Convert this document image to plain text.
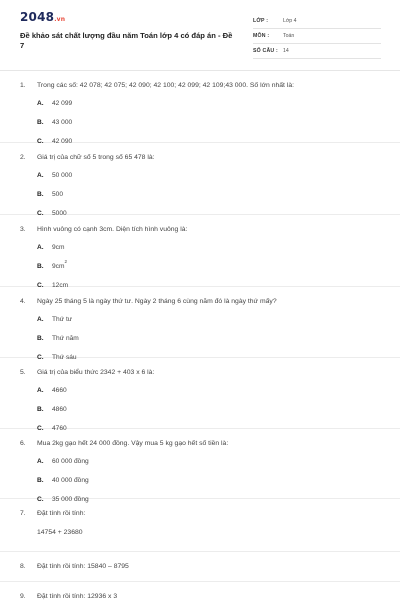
2048.vn
Đề khảo sát chất lượng đầu năm Toán lớp 4 có đáp án - Đề 7
LỚP :	Lớp 4
MÔN :	Toán
SỐ CÂU : 14
1.	Trong các số: 42 078; 42 075; 42 090; 42 100; 42 099; 42 109;43 000. Số lớn nhất là:
A.	42 099
B.	43 000
C.	42 090
2.	Giá trị của chữ số 5 trong số 65 478 là:
A.	50 000
B.	500
C.	5000
3.	Hình vuông có cạnh 3cm. Diện tích hình vuông là:
A.	9cm
B.	9cm
2
C.	12cm
4.	Ngày 25 tháng 5 là ngày thứ tư. Ngày 2 tháng 6 cùng năm đó là ngày thứ mấy?
A.	Thứ tư
B.	Thứ năm
C.	Thứ sáu
5.	Giá trị của biểu thức 2342 + 403 x 6 là:
A.	4660
B.	4860
C.	4760
6.	Mua 2kg gạo hết 24 000 đồng. Vậy mua 5 kg gạo hết số tiền là:
A.	60 000 đồng
B.	40 000 đồng
C.	35 000 đồng
7.	Đặt tính rồi tính:
14754 + 23680
8.	Đặt tính rồi tính: 15840 – 8795
9.	Đặt tính rồi tính: 12936 x 3
